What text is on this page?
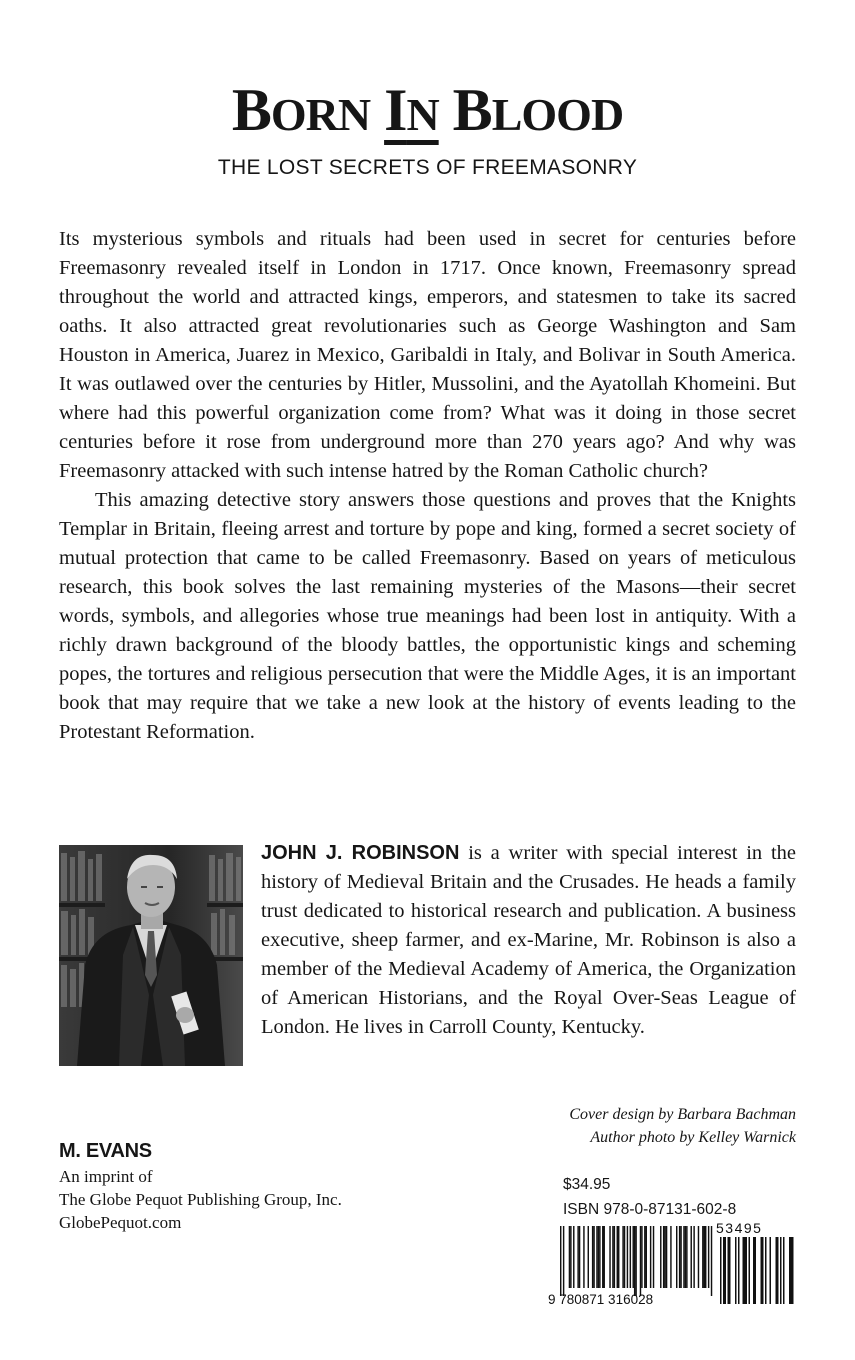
BORN IN BLOOD
THE LOST SECRETS OF FREEMASONRY

Its mysterious symbols and rituals had been used in secret for centuries before Freemasonry revealed itself in London in 1717. Once known, Freemasonry spread throughout the world and attracted kings, emperors, and statesmen to take its sacred oaths. It also attracted great revolutionaries such as George Washington and Sam Houston in America, Juarez in Mexico, Garibaldi in Italy, and Bolivar in South America. It was outlawed over the centuries by Hitler, Mussolini, and the Ayatollah Khomeini. But where had this powerful organization come from? What was it doing in those secret centuries before it rose from underground more than 270 years ago? And why was Freemasonry attacked with such intense hatred by the Roman Catholic church?

This amazing detective story answers those questions and proves that the Knights Templar in Britain, fleeing arrest and torture by pope and king, formed a secret society of mutual protection that came to be called Freemasonry. Based on years of meticulous research, this book solves the last remaining mysteries of the Masons—their secret words, symbols, and allegories whose true meanings had been lost in antiquity. With a richly drawn background of the bloody battles, the opportunistic kings and scheming popes, the tortures and religious persecution that were the Middle Ages, it is an important book that may require that we take a new look at the history of events leading to the Protestant Reformation.

JOHN J. ROBINSON is a writer with special interest in the history of Medieval Britain and the Crusades. He heads a family trust dedicated to historical research and publication. A business executive, sheep farmer, and ex-Marine, Mr. Robinson is also a member of the Medieval Academy of America, the Organization of American Historians, and the Royal Over-Seas League of London. He lives in Carroll County, Kentucky.
Cover design by Barbara Bachman
Author photo by Kelley Warnick
M. EVANS
An imprint of
The Globe Pequot Publishing Group, Inc.
GlobePequot.com
$34.95
ISBN 978-0-87131-602-8
53495
9 780871 316028
